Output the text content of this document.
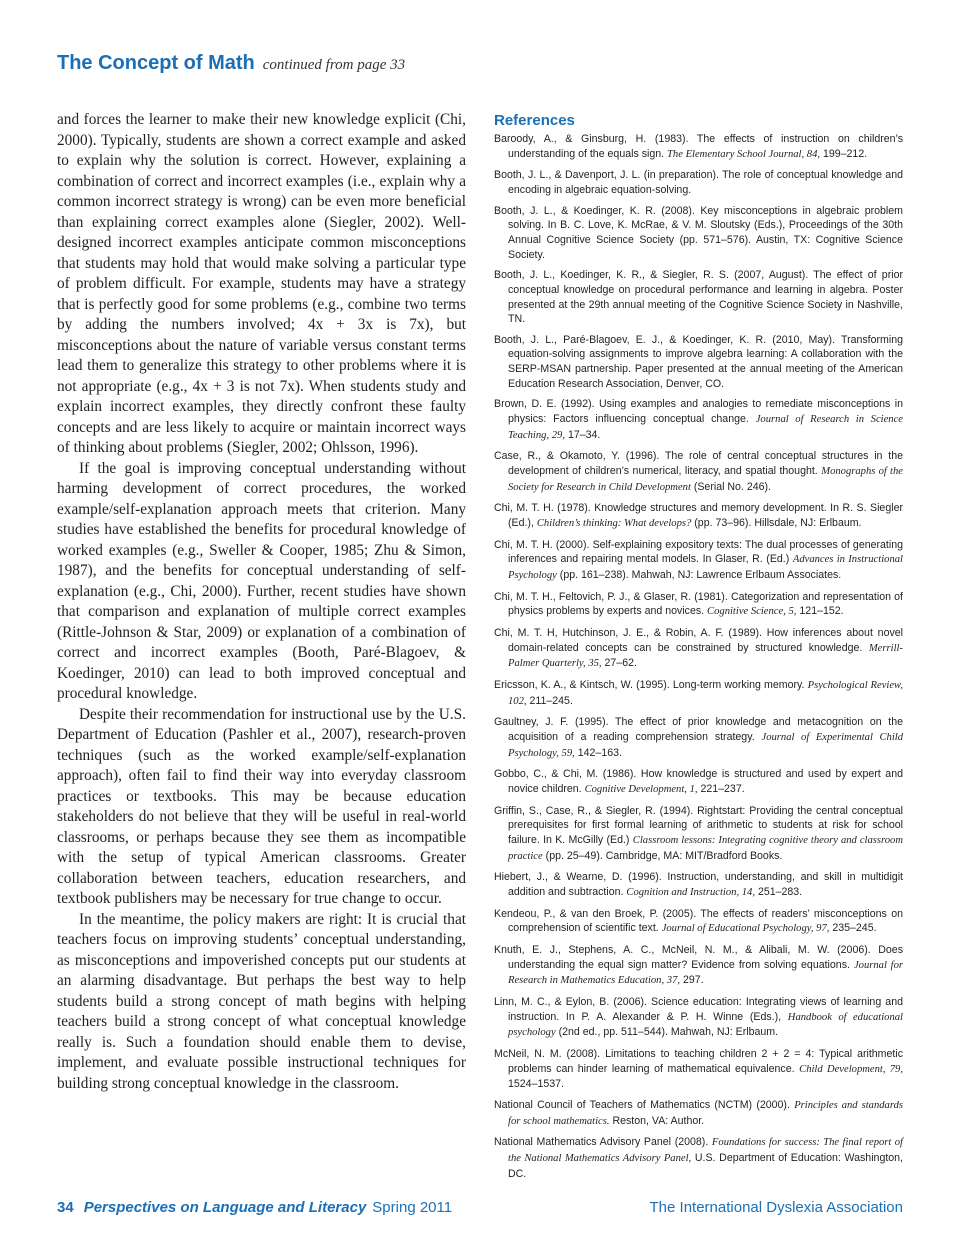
The Concept of Math continued from page 33

and forces the learner to make their new knowledge explicit (Chi, 2000). Typically, students are shown a correct example and asked to explain why the solution is correct. However, explaining a combination of correct and incorrect examples (i.e., explain why a common incorrect strategy is wrong) can be even more beneficial than explaining correct examples alone (Siegler, 2002). Well-designed incorrect examples anticipate common misconceptions that students may hold that would make solving a particular type of problem difficult. For example, students may have a strategy that is perfectly good for some problems (e.g., combine two terms by adding the numbers involved; 4x + 3x is 7x), but misconceptions about the nature of variable versus constant terms lead them to generalize this strategy to other problems where it is not appropriate (e.g., 4x + 3 is not 7x). When students study and explain incorrect examples, they directly confront these faulty concepts and are less likely to acquire or maintain incorrect ways of thinking about problems (Siegler, 2002; Ohlsson, 1996).

If the goal is improving conceptual understanding without harming development of correct procedures, the worked example/self-explanation approach meets that criterion. Many studies have established the benefits for procedural knowledge of worked examples (e.g., Sweller & Cooper, 1985; Zhu & Simon, 1987), and the benefits for conceptual understanding of self-explanation (e.g., Chi, 2000). Further, recent studies have shown that comparison and explanation of multiple correct examples (Rittle-Johnson & Star, 2009) or explanation of a combination of correct and incorrect examples (Booth, Paré-Blagoev, & Koedinger, 2010) can lead to both improved conceptual and procedural knowledge.

Despite their recommendation for instructional use by the U.S. Department of Education (Pashler et al., 2007), research-proven techniques (such as the worked example/self-explanation approach), often fail to find their way into everyday classroom practices or textbooks. This may be because education stakeholders do not believe that they will be useful in real-world classrooms, or perhaps because they see them as incompatible with the setup of typical American classrooms. Greater collaboration between teachers, education researchers, and textbook publishers may be necessary for true change to occur.

In the meantime, the policy makers are right: It is crucial that teachers focus on improving students’ conceptual understanding, as misconceptions and impoverished concepts put our students at an alarming disadvantage. But perhaps the best way to help students build a strong concept of math begins with helping teachers build a strong concept of what conceptual knowledge really is. Such a foundation should enable them to devise, implement, and evaluate possible instructional techniques for building strong conceptual knowledge in the classroom.

References

Baroody, A., & Ginsburg, H. (1983). The effects of instruction on children’s understanding of the equals sign. The Elementary School Journal, 84, 199–212.

Booth, J. L., & Davenport, J. L. (in preparation). The role of conceptual knowledge and encoding in algebraic equation-solving.

Booth, J. L., & Koedinger, K. R. (2008). Key misconceptions in algebraic problem solving. In B. C. Love, K. McRae, & V. M. Sloutsky (Eds.), Proceedings of the 30th Annual Cognitive Science Society (pp. 571–576). Austin, TX: Cognitive Science Society.

Booth, J. L., Koedinger, K. R., & Siegler, R. S. (2007, August). The effect of prior conceptual knowledge on procedural performance and learning in algebra. Poster presented at the 29th annual meeting of the Cognitive Science Society in Nashville, TN.

Booth, J. L., Paré-Blagoev, E. J., & Koedinger, K. R. (2010, May). Transforming equation-solving assignments to improve algebra learning: A collaboration with the SERP-MSAN partnership. Paper presented at the annual meeting of the American Education Research Association, Denver, CO.

Brown, D. E. (1992). Using examples and analogies to remediate misconceptions in physics: Factors influencing conceptual change. Journal of Research in Science Teaching, 29, 17–34.

Case, R., & Okamoto, Y. (1996). The role of central conceptual structures in the development of children’s numerical, literacy, and spatial thought. Monographs of the Society for Research in Child Development (Serial No. 246).

Chi, M. T. H. (1978). Knowledge structures and memory development. In R. S. Siegler (Ed.), Children’s thinking: What develops? (pp. 73–96). Hillsdale, NJ: Erlbaum.

Chi, M. T. H. (2000). Self-explaining expository texts: The dual processes of generating inferences and repairing mental models. In Glaser, R. (Ed.) Advances in Instructional Psychology (pp. 161–238). Mahwah, NJ: Lawrence Erlbaum Associates.

Chi, M. T. H., Feltovich, P. J., & Glaser, R. (1981). Categorization and representation of physics problems by experts and novices. Cognitive Science, 5, 121–152.

Chi, M. T. H, Hutchinson, J. E., & Robin, A. F. (1989). How inferences about novel domain-related concepts can be constrained by structured knowledge. Merrill-Palmer Quarterly, 35, 27–62.

Ericsson, K. A., & Kintsch, W. (1995). Long-term working memory. Psychological Review, 102, 211–245.

Gaultney, J. F. (1995). The effect of prior knowledge and metacognition on the acquisition of a reading comprehension strategy. Journal of Experimental Child Psychology, 59, 142–163.

Gobbo, C., & Chi, M. (1986). How knowledge is structured and used by expert and novice children. Cognitive Development, 1, 221–237.

Griffin, S., Case, R., & Siegler, R. (1994). Rightstart: Providing the central conceptual prerequisites for first formal learning of arithmetic to students at risk for school failure. In K. McGilly (Ed.) Classroom lessons: Integrating cognitive theory and classroom practice (pp. 25–49). Cambridge, MA: MIT/Bradford Books.

Hiebert, J., & Wearne, D. (1996). Instruction, understanding, and skill in multidigit addition and subtraction. Cognition and Instruction, 14, 251–283.

Kendeou, P., & van den Broek, P. (2005). The effects of readers’ misconceptions on comprehension of scientific text. Journal of Educational Psychology, 97, 235–245.

Knuth, E. J., Stephens, A. C., McNeil, N. M., & Alibali, M. W. (2006). Does understanding the equal sign matter? Evidence from solving equations. Journal for Research in Mathematics Education, 37, 297.

Linn, M. C., & Eylon, B. (2006). Science education: Integrating views of learning and instruction. In P. A. Alexander & P. H. Winne (Eds.), Handbook of educational psychology (2nd ed., pp. 511–544). Mahwah, NJ: Erlbaum.

McNeil, N. M. (2008). Limitations to teaching children 2 + 2 = 4: Typical arithmetic problems can hinder learning of mathematical equivalence. Child Development, 79, 1524–1537.

National Council of Teachers of Mathematics (NCTM) (2000). Principles and standards for school mathematics. Reston, VA: Author.

National Mathematics Advisory Panel (2008). Foundations for success: The final report of the National Mathematics Advisory Panel, U.S. Department of Education: Washington, DC.

34 Perspectives on Language and Literacy Spring 2011	The International Dyslexia Association
